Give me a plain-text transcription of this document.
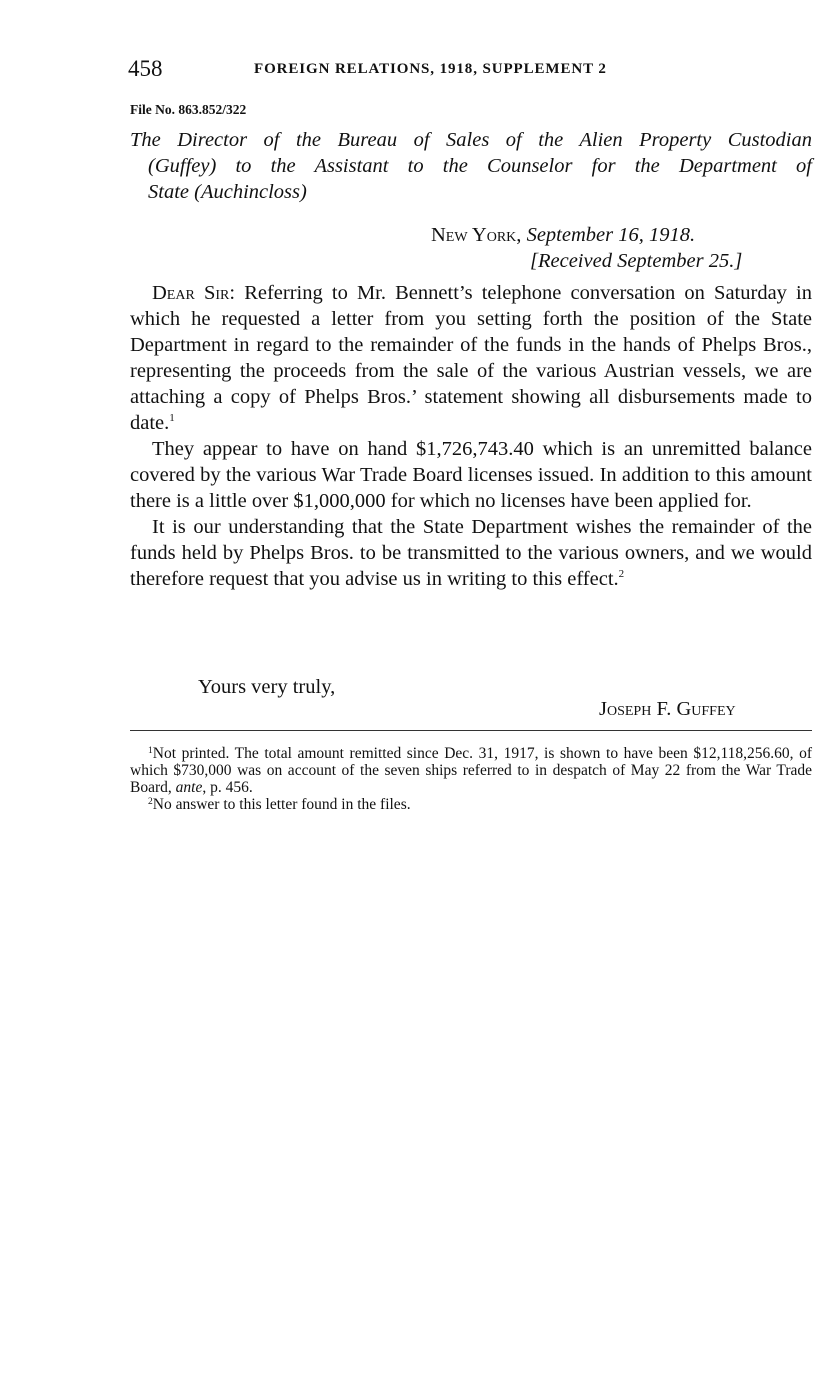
458	FOREIGN RELATIONS, 1918, SUPPLEMENT 2
File No. 863.852/322
The Director of the Bureau of Sales of the Alien Property Custodian
(Guffey) to the Assistant to the Counselor for the Department of
State (Auchincloss)
New York, September 16, 1918.
[Received September 25.]

Dear Sir: Referring to Mr. Bennett’s telephone conversation on Saturday in which he requested a letter from you setting forth the position of the State Department in regard to the remainder of the funds in the hands of Phelps Bros., representing the proceeds from the sale of the various Austrian vessels, we are attaching a copy of Phelps Bros.’ statement showing all disbursements made to date.$^1$

They appear to have on hand $1,726,743.40 which is an unremitted balance covered by the various War Trade Board licenses issued. In addition to this amount there is a little over $1,000,000 for which no licenses have been applied for.

It is our understanding that the State Department wishes the remainder of the funds held by Phelps Bros. to be transmitted to the various owners, and we would therefore request that you advise us in writing to this effect.$^2$

Yours very truly,
Joseph F. Guffey

$^1$Not printed. The total amount remitted since Dec. 31, 1917, is shown to have been $12,118,256.60, of which $730,000 was on account of the seven ships referred to in despatch of May 22 from the War Trade Board, ante, p. 456.

$^2$No answer to this letter found in the files.
